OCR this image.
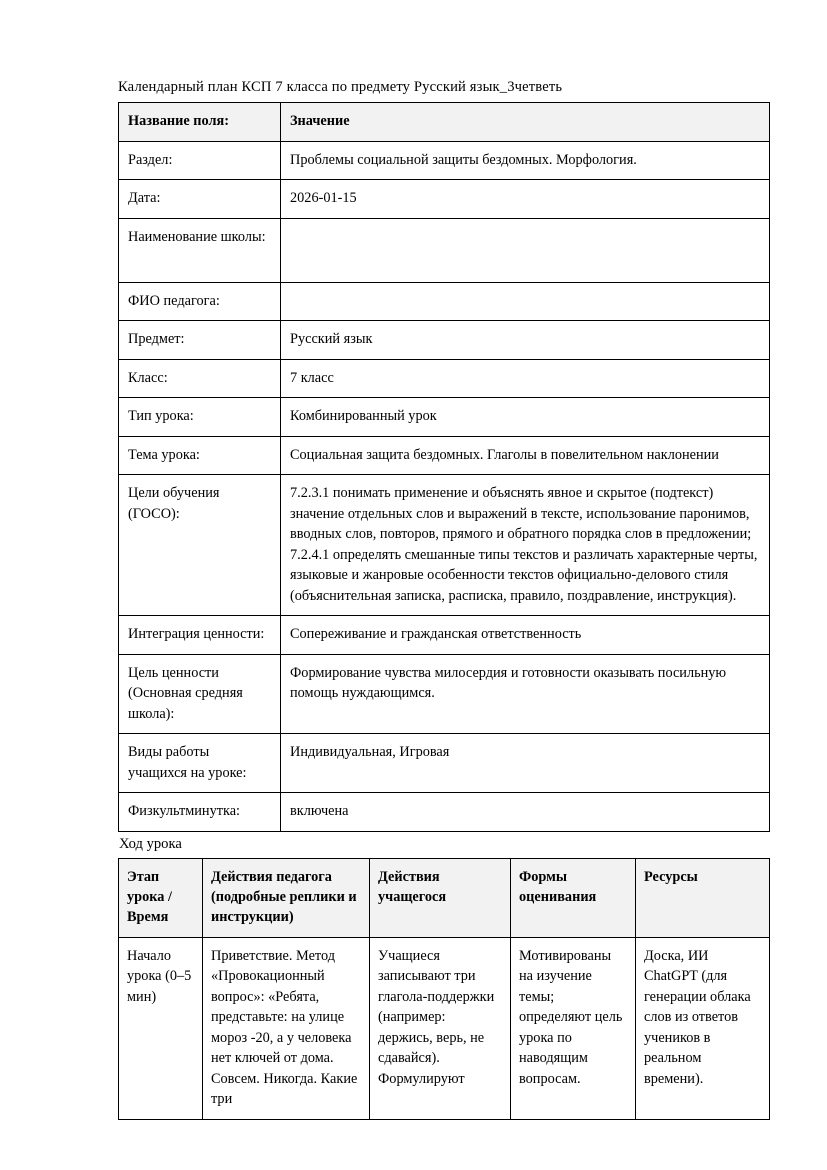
Календарный план КСП 7 класса по предмету Русский язык_3четветь

Название поля:	Значение
Раздел:	Проблемы социальной защиты бездомных. Морфология.
Дата:	2026-01-15
Наименование школы:	
ФИО педагога:	
Предмет:	Русский язык
Класс:	7 класс
Тип урока:	Комбинированный урок
Тема урока:	Социальная защита бездомных. Глаголы в повелительном наклонении
Цели обучения (ГОСО):	7.2.3.1 понимать применение и объяснять явное и скрытое (подтекст) значение отдельных слов и выражений в тексте, использование паронимов, вводных слов, повторов, прямого и обратного порядка слов в предложении; 7.2.4.1 определять смешанные типы текстов и различать характерные черты, языковые и жанровые особенности текстов официально-делового стиля (объяснительная записка, расписка, правило, поздравление, инструкция).
Интеграция ценности:	Сопереживание и гражданская ответственность
Цель ценности (Основная средняя школа):	Формирование чувства милосердия и готовности оказывать посильную помощь нуждающимся.
Виды работы учащихся на уроке:	Индивидуальная, Игровая
Физкультминутка:	включена

Ход урока

Этап урока / Время	Действия педагога (подробные реплики и инструкции)	Действия учащегося	Формы оценивания	Ресурсы
Начало урока (0–5 мин)	Приветствие. Метод «Провокационный вопрос»: «Ребята, представьте: на улице мороз -20, а у человека нет ключей от дома. Совсем. Никогда. Какие три	Учащиеся записывают три глагола-поддержки (например: держись, верь, не сдавайся). Формулируют	Мотивированы на изучение темы; определяют цель урока по наводящим вопросам.	Доска, ИИ ChatGPT (для генерации облака слов из ответов учеников в реальном времени).
